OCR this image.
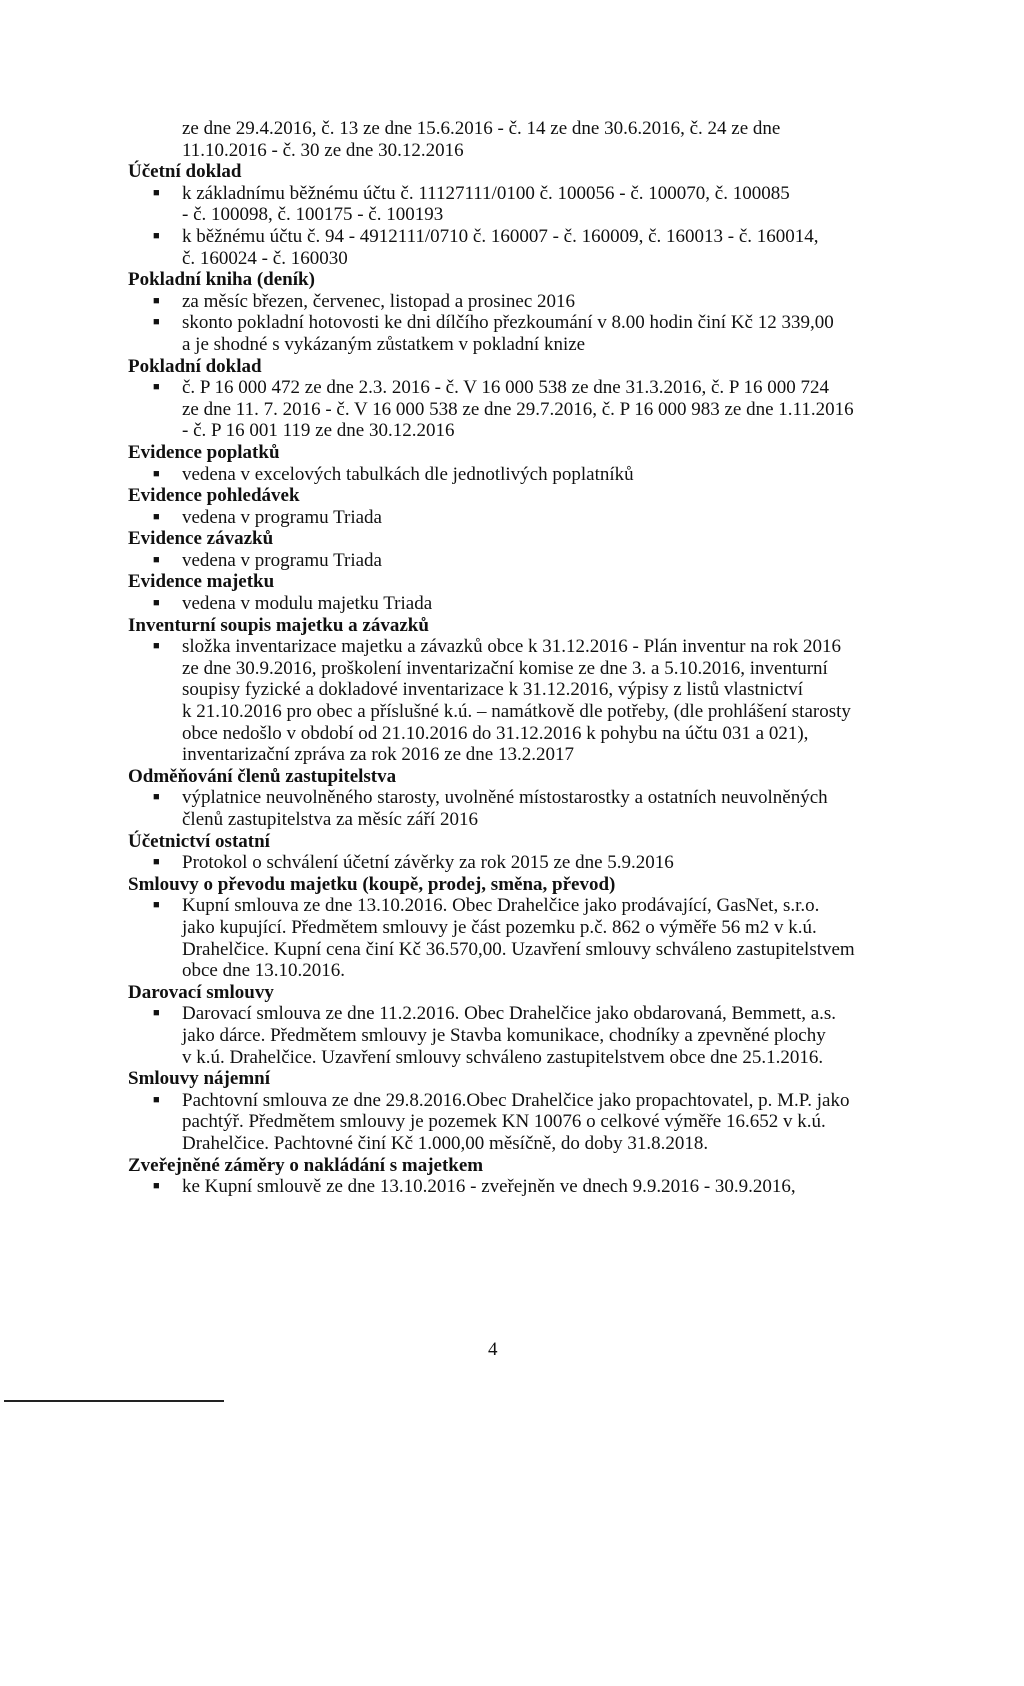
ze dne 29.4.2016, č. 13 ze dne 15.6.2016 - č. 14 ze dne 30.6.2016, č. 24 ze dne

11.10.2016 - č. 30 ze dne 30.12.2016

Účetní doklad

■ k základnímu běžnému účtu č. 11127111/0100 č. 100056 - č. 100070, č. 100085

- č. 100098, č. 100175 - č. 100193

■ k běžnému účtu č. 94 - 4912111/0710 č. 160007 - č. 160009, č. 160013 - č. 160014,

č. 160024 - č. 160030

Pokladní kniha (deník)

■ za měsíc březen, červenec, listopad a prosinec 2016

■ skonto pokladní hotovosti ke dni dílčího přezkoumání v 8.00 hodin činí Kč 12 339,00

a je shodné s vykázaným zůstatkem v pokladní knize

Pokladní doklad

■ č. P 16 000 472 ze dne 2.3. 2016 - č. V 16 000 538 ze dne 31.3.2016, č. P 16 000 724

ze dne 11. 7. 2016 - č. V 16 000 538 ze dne 29.7.2016, č. P 16 000 983 ze dne 1.11.2016

- č. P 16 001 119 ze dne 30.12.2016

Evidence poplatků

■ vedena v excelových tabulkách dle jednotlivých poplatníků

Evidence pohledávek

■ vedena v programu Triada

Evidence závazků

■ vedena v programu Triada

Evidence majetku

■ vedena v modulu majetku Triada

Inventurní soupis majetku a závazků

■ složka inventarizace majetku a závazků obce k 31.12.2016 - Plán inventur na rok 2016

ze dne 30.9.2016, proškolení inventarizační komise ze dne 3. a 5.10.2016, inventurní

soupisy fyzické a dokladové inventarizace k 31.12.2016, výpisy z listů vlastnictví

k 21.10.2016 pro obec a příslušné k.ú. – namátkově dle potřeby, (dle prohlášení starosty

obce nedošlo v období od 21.10.2016 do 31.12.2016 k pohybu na účtu 031 a 021),

inventarizační zpráva za rok 2016 ze dne 13.2.2017

Odměňování členů zastupitelstva

■ výplatnice neuvolněného starosty, uvolněné místostarostky a ostatních neuvolněných

členů zastupitelstva za měsíc září 2016

Účetnictví ostatní

■ Protokol o schválení účetní závěrky za rok 2015 ze dne 5.9.2016

Smlouvy o převodu majetku (koupě, prodej, směna, převod)

■ Kupní smlouva ze dne 13.10.2016. Obec Drahelčice jako prodávající, GasNet, s.r.o.

jako kupující. Předmětem smlouvy je část pozemku p.č. 862 o výměře 56 m2 v k.ú.

Drahelčice. Kupní cena činí Kč 36.570,00. Uzavření smlouvy schváleno zastupitelstvem

obce dne 13.10.2016.

Darovací smlouvy

■ Darovací smlouva ze dne 11.2.2016. Obec Drahelčice jako obdarovaná, Bemmett, a.s.

jako dárce. Předmětem smlouvy je Stavba komunikace, chodníky a zpevněné plochy

v k.ú. Drahelčice. Uzavření smlouvy schváleno zastupitelstvem obce dne 25.1.2016.

Smlouvy nájemní

■ Pachtovní smlouva ze dne 29.8.2016.Obec Drahelčice jako propachtovatel, p. M.P. jako

pachtýř. Předmětem smlouvy je pozemek KN 10076 o celkové výměře 16.652 v k.ú.

Drahelčice. Pachtovné činí Kč 1.000,00 měsíčně, do doby 31.8.2018.

Zveřejněné záměry o nakládání s majetkem

■ ke Kupní smlouvě ze dne 13.10.2016 - zveřejněn ve dnech 9.9.2016 - 30.9.2016,

4
